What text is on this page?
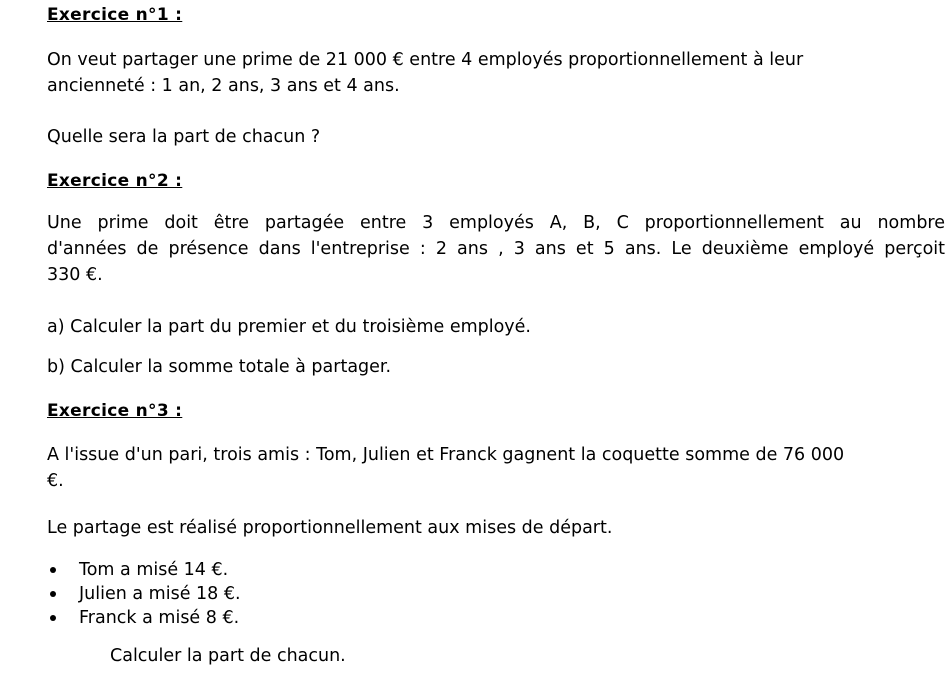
Exercice n°1 :
On veut partager une prime de 21 000 € entre 4 employés proportionnellement à leur
ancienneté : 1 an, 2 ans, 3 ans et 4 ans.
Quelle sera la part de chacun ?
Exercice n°2 :
Une prime doit être partagée entre 3 employés A, B, C proportionnellement au nombre
d'années de présence dans l'entreprise : 2 ans , 3 ans et 5 ans. Le deuxième employé perçoit
330 €.
a) Calculer la part du premier et du troisième employé.
b) Calculer la somme totale à partager.
Exercice n°3 :
A l'issue d'un pari, trois amis : Tom, Julien et Franck gagnent la coquette somme de 76 000
€.
Le partage est réalisé proportionnellement aux mises de départ.
Tom a misé 14 €.
Julien a misé 18 €.
Franck a misé 8 €.
Calculer la part de chacun.
